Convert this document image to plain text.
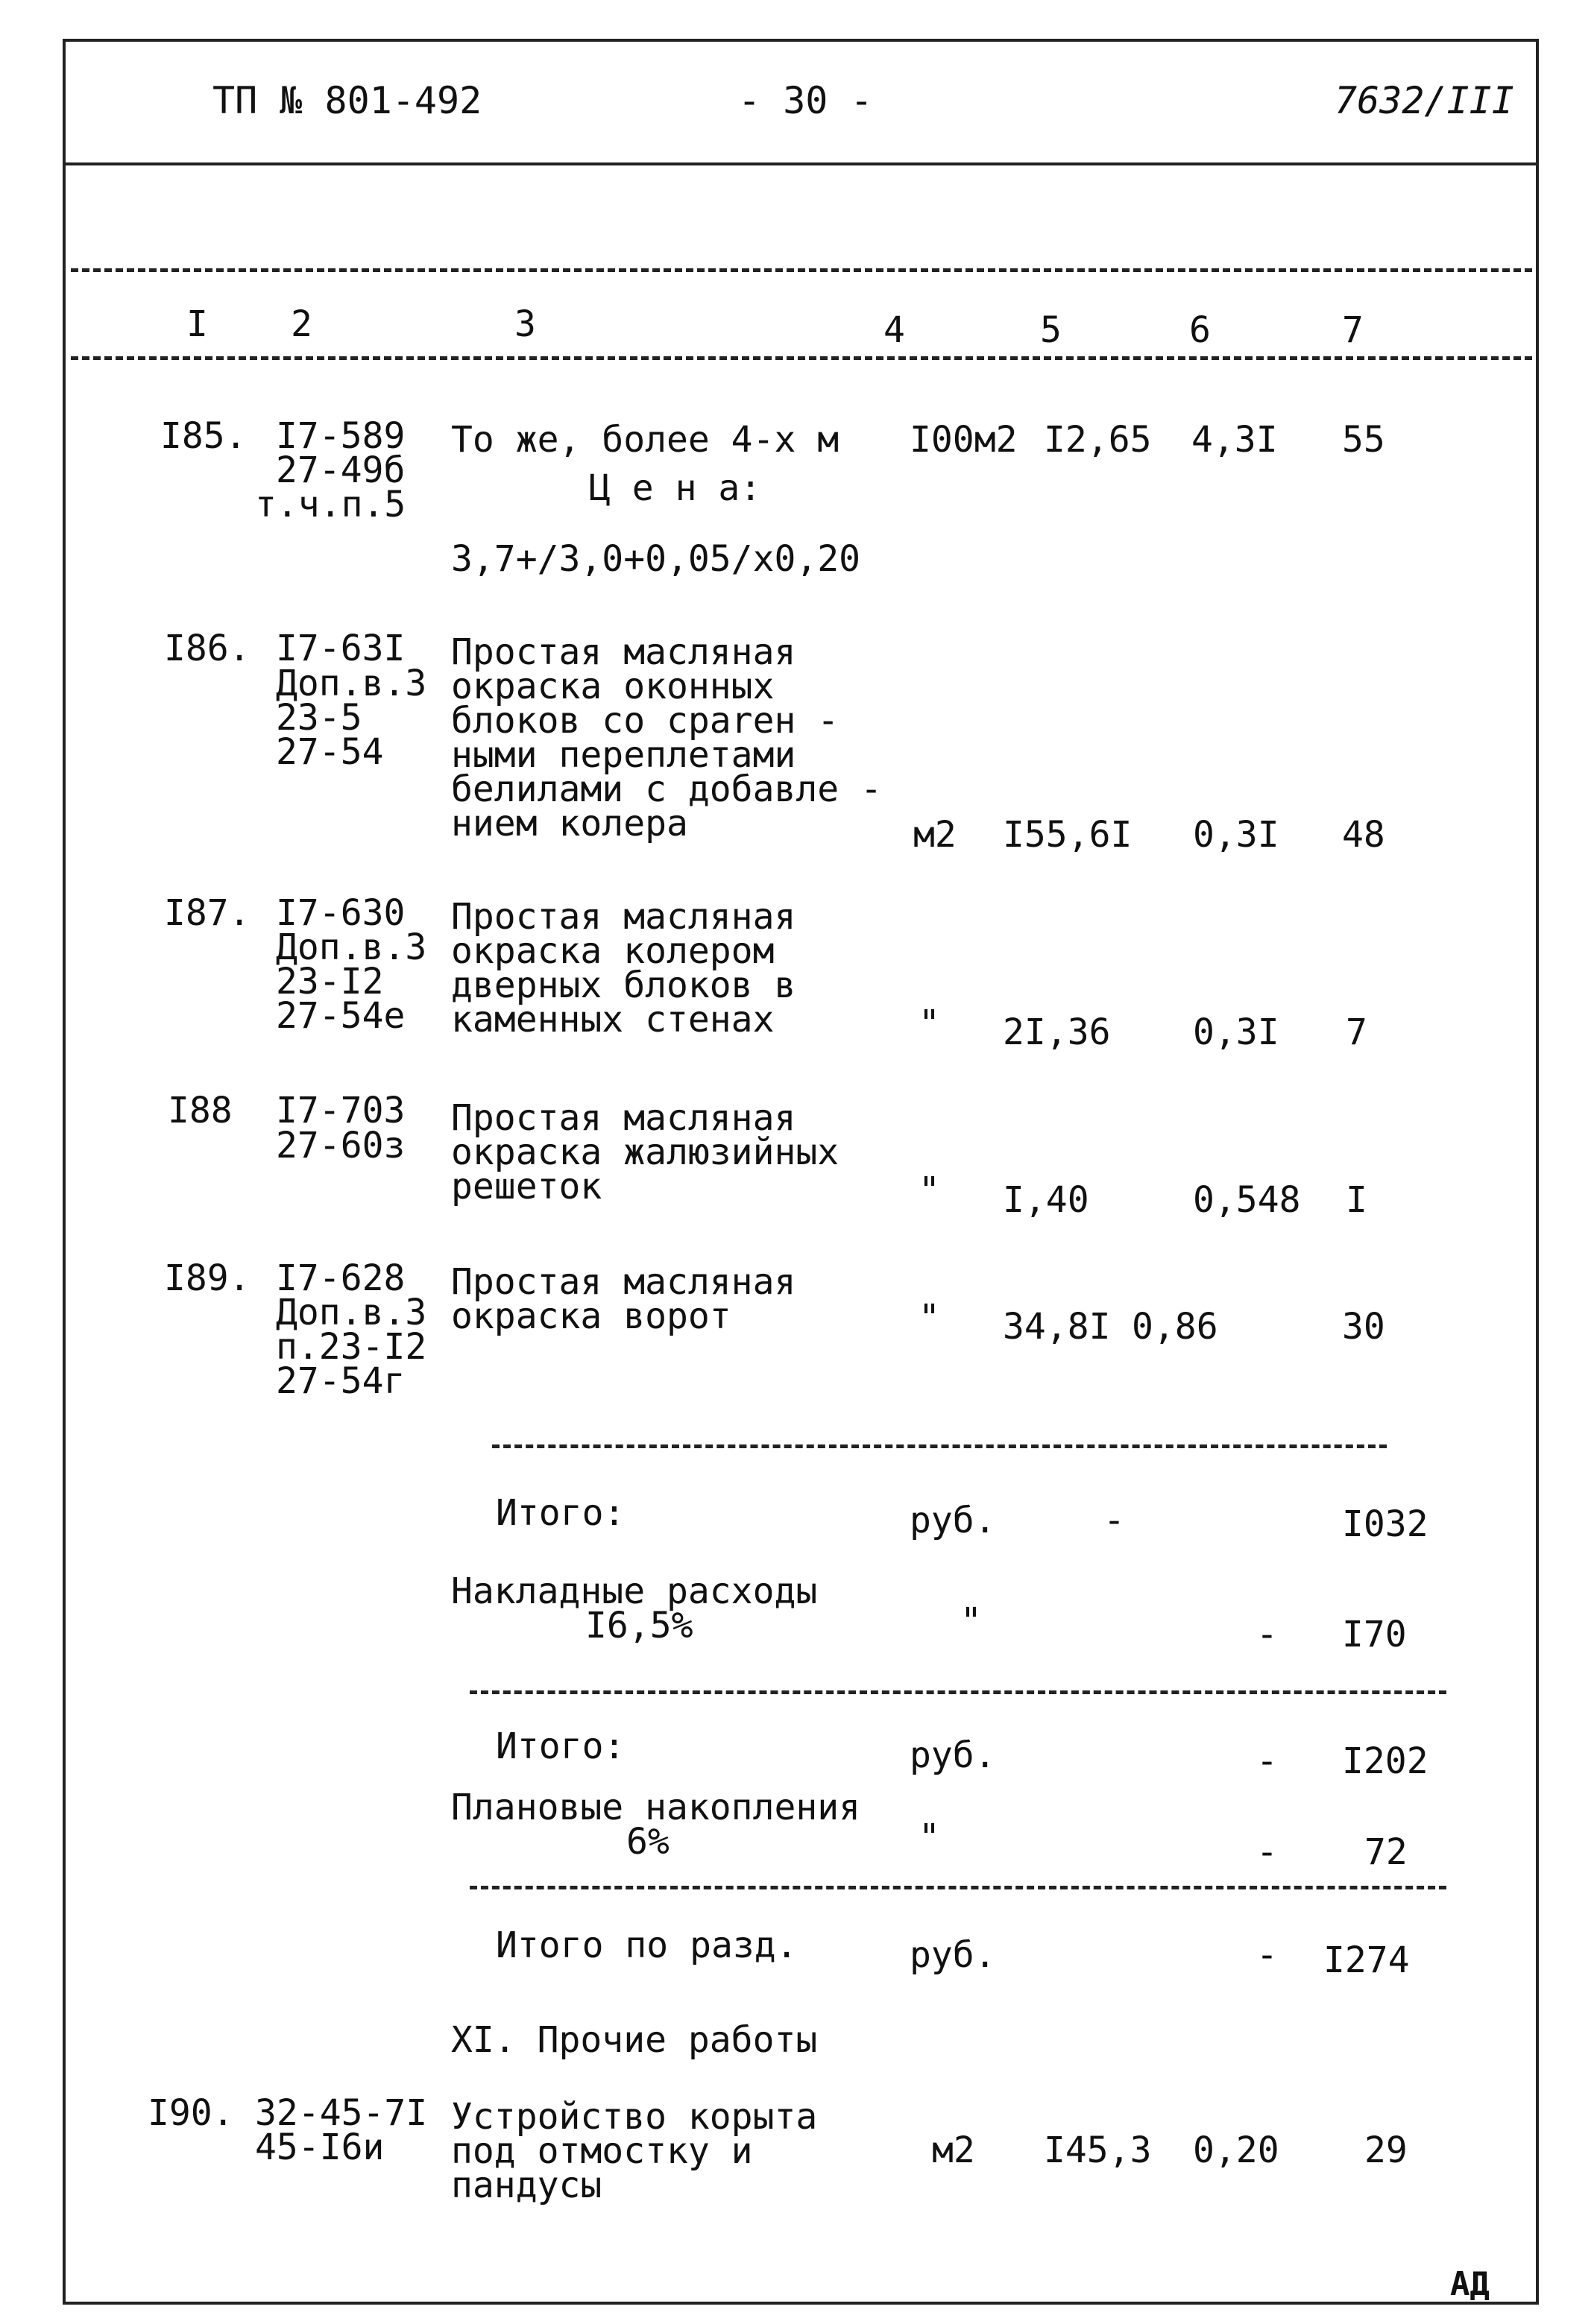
ТП № 801-492	- 30 -	7632/III
I 2	3	4	5	6	7
I85. I7-589
27-49б
т.ч.п.5
То же, более 4-х м I00м2 I2,65 4,3I 55
Ц е н а:
3,7+/3,0+0,05/x0,20
I86. I7-63I
Доп.в.3
23-5
27-54
Простая масляная
окраска оконных
блоков со сparен -
ными переплетами
белилами с добавле -
нием колера	м2 I55,6I 0,3I 48
I87. I7-630
Доп.в.3
23-I2
27-54е
Простая масляная
окраска колером
дверных блоков в
каменных стенах	" 2I,36 0,3I 7
I88 I7-703
27-60з
Простая масляная
окраска жалюзийных
решеток	" I,40	0,548 I
I89. I7-628
Доп.в.3
п.23-I2
27-54г
Простая масляная
окраска ворот	" 34,8I 0,86	30
Итого:	руб.	-	I032
Накладные расходы
I6,5%	"	- I70
Итого:	руб.	- I202
Плановые накопления
6%	"	- 72
Итого по разд.	руб.	- I274
XI. Прочие работы
I90. 32-45-7I
45-I6и
Устройство корыта
под отмостку и
пандусы
м2 I45,3 0,20 29
АД
